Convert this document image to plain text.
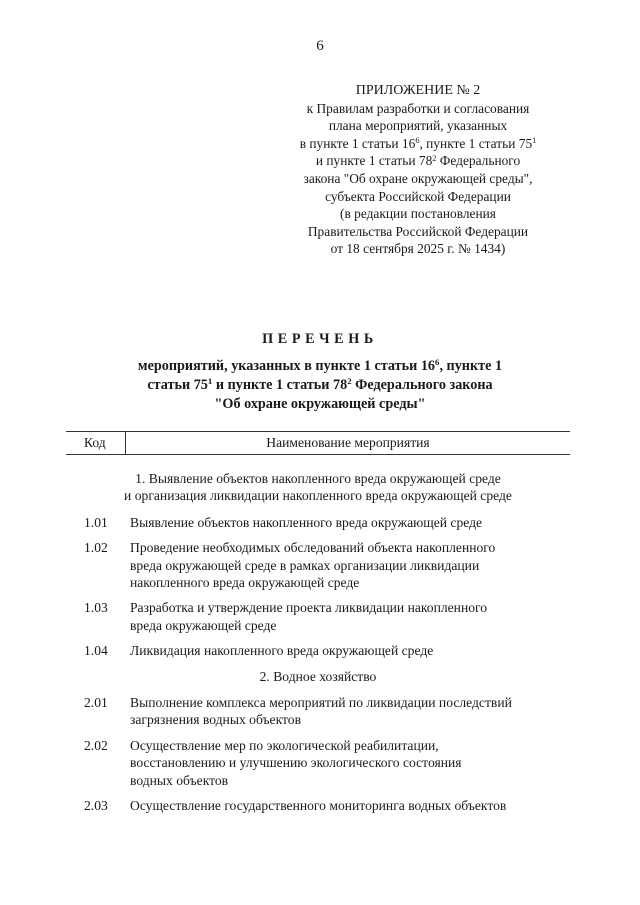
6
ПРИЛОЖЕНИЕ № 2
к Правилам разработки и согласования
плана мероприятий, указанных
в пункте 1 статьи $16^6$, пункте 1 статьи $75^1$
и пункте 1 статьи $78^2$ Федерального
закона "Об охране окружающей среды",
субъекта Российской Федерации
(в редакции постановления
Правительства Российской Федерации
от 18 сентября 2025 г. № 1434)
ПЕРЕЧЕНЬ
мероприятий, указанных в пункте 1 статьи $16^6$, пункте 1
статьи $75^1$ и пункте 1 статьи $78^2$ Федерального закона
"Об охране окружающей среды"
Код	Наименование мероприятия
1. Выявление объектов накопленного вреда окружающей среде
и организация ликвидации накопленного вреда окружающей среде
1.01	Выявление объектов накопленного вреда окружающей среде
1.02	Проведение необходимых обследований объекта накопленного
вреда окружающей среде в рамках организации ликвидации
накопленного вреда окружающей среде
1.03	Разработка и утверждение проекта ликвидации накопленного
вреда окружающей среде
1.04	Ликвидация накопленного вреда окружающей среде
2. Водное хозяйство
2.01	Выполнение комплекса мероприятий по ликвидации последствий
загрязнения водных объектов
2.02	Осуществление мер по экологической реабилитации,
восстановлению и улучшению экологического состояния
водных объектов
2.03	Осуществление государственного мониторинга водных объектов
